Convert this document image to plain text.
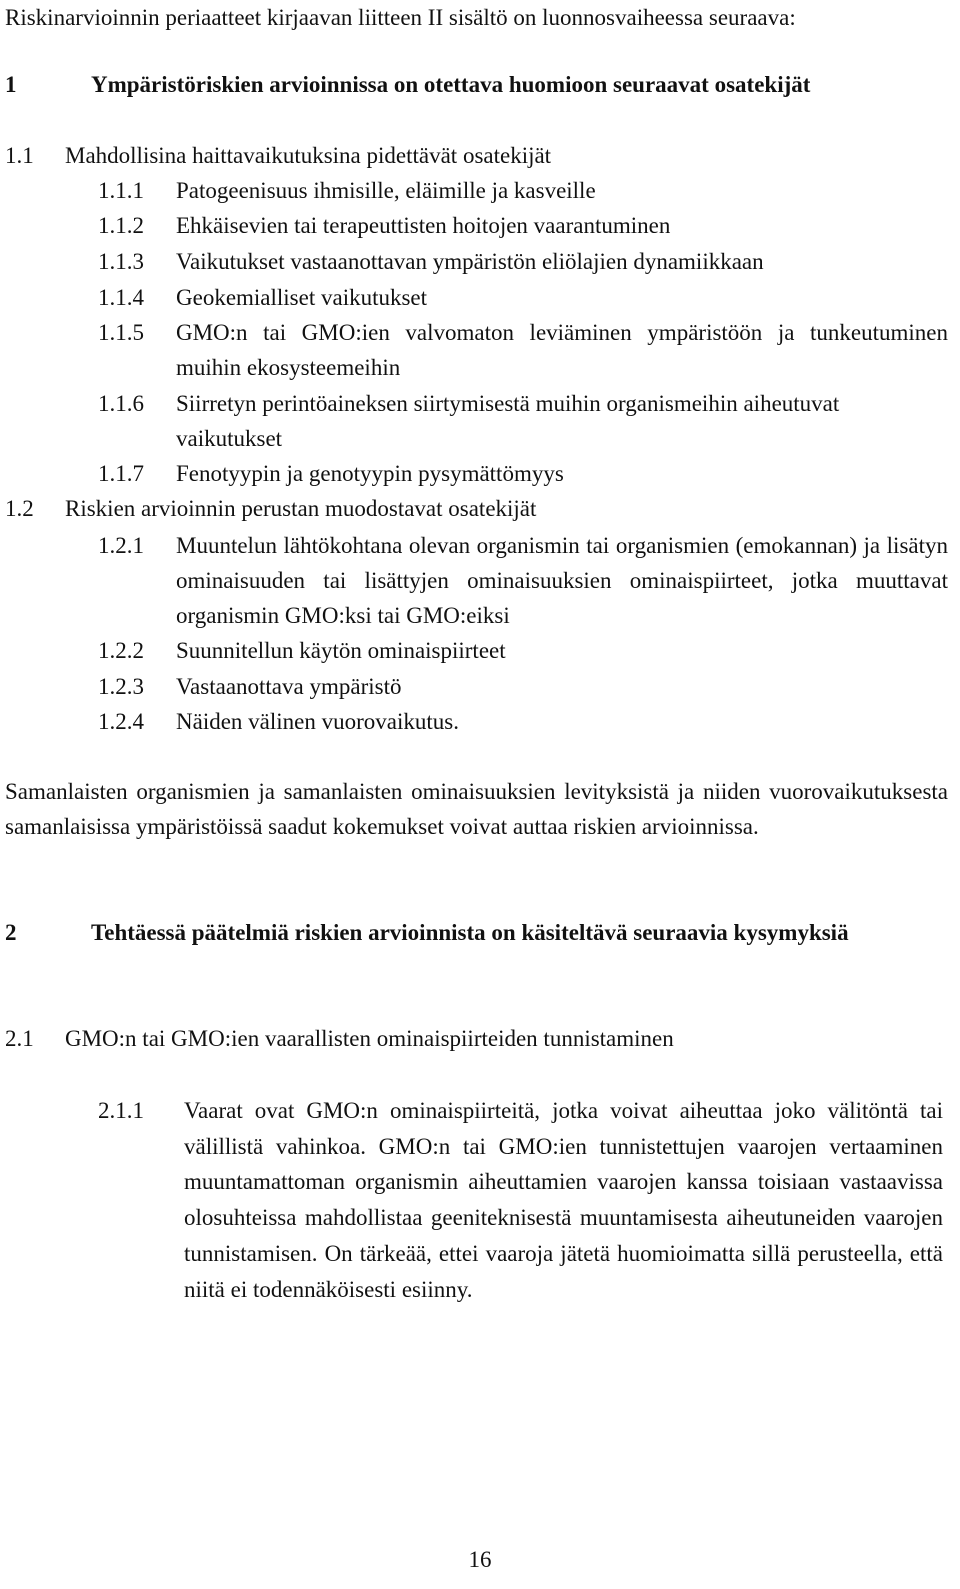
Riskinarvioinnin periaatteet kirjaavan liitteen II sisältö on luonnosvaiheessa seuraava:

1	Ympäristöriskien arvioinnissa on otettava huomioon seuraavat osatekijät
1.1	Mahdollisina haittavaikutuksina pidettävät osatekijät
1.1.1	Patogeenisuus ihmisille, eläimille ja kasveille
1.1.2	Ehkäisevien tai terapeuttisten hoitojen vaarantuminen
1.1.3	Vaikutukset vastaanottavan ympäristön eliölajien dynamiikkaan
1.1.4	Geokemialliset vaikutukset
1.1.5	GMO:n tai GMO:ien valvomaton leviäminen ympäristöön ja tunkeutuminen muihin ekosysteemeihin
1.1.6	Siirretyn perintöaineksen siirtymisestä muihin organismeihin aiheutuvat vaikutukset
1.1.7	Fenotyypin ja genotyypin pysymättömyys
1.2	Riskien arvioinnin perustan muodostavat osatekijät
1.2.1	Muuntelun lähtökohtana olevan organismin tai organismien (emokannan) ja lisätyn ominaisuuden tai lisättyjen ominaisuuksien ominaispiirteet, jotka muuttavat organismin GMO:ksi tai GMO:eiksi
1.2.2	Suunnitellun käytön ominaispiirteet
1.2.3	Vastaanottava ympäristö
1.2.4	Näiden välinen vuorovaikutus.

Samanlaisten organismien ja samanlaisten ominaisuuksien levityksistä ja niiden vuorovaikutuksesta samanlaisissa ympäristöissä saadut kokemukset voivat auttaa riskien arvioinnissa.

2	Tehtäessä päätelmiä riskien arvioinnista on käsiteltävä seuraavia kysymyksiä
2.1	GMO:n tai GMO:ien vaarallisten ominaispiirteiden tunnistaminen
2.1.1	Vaarat ovat GMO:n ominaispiirteitä, jotka voivat aiheuttaa joko välitöntä tai välillistä vahinkoa. GMO:n tai GMO:ien tunnistettujen vaarojen vertaaminen muuntamattoman organismin aiheuttamien vaarojen kanssa toisiaan vastaavissa olosuhteissa mahdollistaa geeniteknisestä muuntamisesta aiheutuneiden vaarojen tunnistamisen. On tärkeää, ettei vaaroja jätetä huomioimatta sillä perusteella, että niitä ei todennäköisesti esiinny.
16
